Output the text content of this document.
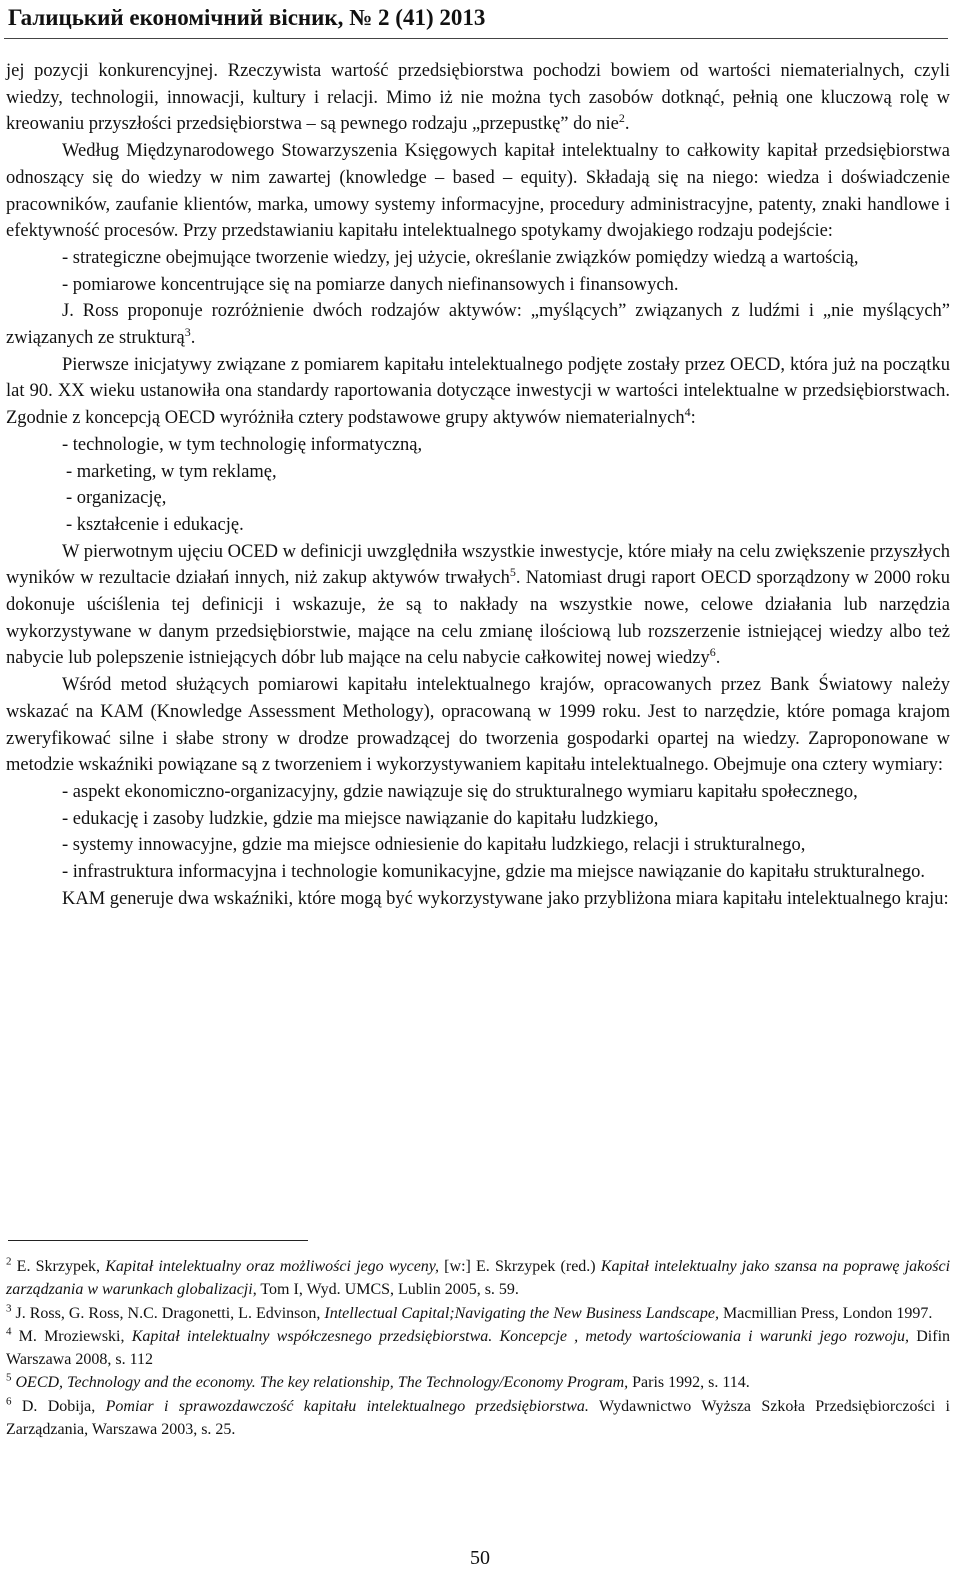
Галицький економічний вісник, № 2 (41) 2013

jej pozycji konkurencyjnej. Rzeczywista wartość przedsiębiorstwa pochodzi bowiem od wartości niematerialnych, czyli wiedzy, technologii, innowacji, kultury i relacji. Mimo iż nie można tych zasobów dotknąć, pełnią one kluczową rolę w kreowaniu przyszłości przedsiębiorstwa – są pewnego rodzaju „przepustkę” do nie$^2$.

Według Międzynarodowego Stowarzyszenia Księgowych kapitał intelektualny to całkowity kapitał przedsiębiorstwa odnoszący się do wiedzy w nim zawartej (knowledge – based – equity). Składają się na niego: wiedza i doświadczenie pracowników, zaufanie klientów, marka, umowy systemy informacyjne, procedury administracyjne, patenty, znaki handlowe i efektywność procesów. Przy przedstawianiu kapitału intelektualnego spotykamy dwojakiego rodzaju podejście:

- strategiczne obejmujące tworzenie wiedzy, jej użycie, określanie związków pomiędzy wiedzą a wartością,

- pomiarowe koncentrujące się na pomiarze danych niefinansowych i finansowych.

J. Ross proponuje rozróżnienie dwóch rodzajów aktywów: „myślących” związanych z ludźmi i „nie myślących” związanych ze strukturą$^3$.

Pierwsze inicjatywy związane z pomiarem kapitału intelektualnego podjęte zostały przez OECD, która już na początku lat 90. XX wieku ustanowiła ona standardy raportowania dotyczące inwestycji w wartości intelektualne w przedsiębiorstwach. Zgodnie z koncepcją OECD wyróżniła cztery podstawowe grupy aktywów niematerialnych$^4$:

- technologie, w tym technologię informatyczną,

- marketing, w tym reklamę,

- organizację,

- kształcenie i edukację.

W pierwotnym ujęciu OCED w definicji uwzględniła wszystkie inwestycje, które miały na celu zwiększenie przyszłych wyników w rezultacie działań innych, niż zakup aktywów trwałych$^5$. Natomiast drugi raport OECD sporządzony w 2000 roku dokonuje uściślenia tej definicji i wskazuje, że są to nakłady na wszystkie nowe, celowe działania lub narzędzia wykorzystywane w danym przedsiębiorstwie, mające na celu zmianę ilościową lub rozszerzenie istniejącej wiedzy albo też nabycie lub polepszenie istniejących dóbr lub mające na celu nabycie całkowitej nowej wiedzy$^6$.

Wśród metod służących pomiarowi kapitału intelektualnego krajów, opracowanych przez Bank Światowy należy wskazać na KAM (Knowledge Assessment Methology), opracowaną w 1999 roku. Jest to narzędzie, które pomaga krajom zweryfikować silne i słabe strony w drodze prowadzącej do tworzenia gospodarki opartej na wiedzy. Zaproponowane w metodzie wskaźniki powiązane są z tworzeniem i wykorzystywaniem kapitału intelektualnego. Obejmuje ona cztery wymiary:

- aspekt ekonomiczno-organizacyjny, gdzie nawiązuje się do strukturalnego wymiaru kapitału społecznego,

- edukację i zasoby ludzkie, gdzie ma miejsce nawiązanie do kapitału ludzkiego,

- systemy innowacyjne, gdzie ma miejsce odniesienie do kapitału ludzkiego, relacji i strukturalnego,

- infrastruktura informacyjna i technologie komunikacyjne, gdzie ma miejsce nawiązanie do kapitału strukturalnego.

KAM generuje dwa wskaźniki, które mogą być wykorzystywane jako przybliżona miara kapitału intelektualnego kraju:

$^2$ E. Skrzypek, Kapitał intelektualny oraz możliwości jego wyceny, [w:] E. Skrzypek (red.) Kapitał intelektualny jako szansa na poprawę jakości zarządzania w warunkach globalizacji, Tom I, Wyd. UMCS, Lublin 2005, s. 59.

$^3$ J. Ross, G. Ross, N.C. Dragonetti, L. Edvinson, Intellectual Capital;Navigating the New Business Landscape, Macmillian Press, London 1997.

$^4$ M. Mroziewski, Kapitał intelektualny współczesnego przedsiębiorstwa. Koncepcje , metody wartościowania i warunki jego rozwoju, Difin Warszawa 2008, s. 112

$^5$ OECD, Technology and the economy. The key relationship, The Technology/Economy Program, Paris 1992, s. 114.

$^6$ D. Dobija, Pomiar i sprawozdawczość kapitału intelektualnego przedsiębiorstwa. Wydawnictwo Wyższa Szkoła Przedsiębiorczości i Zarządzania, Warszawa 2003, s. 25.

50
